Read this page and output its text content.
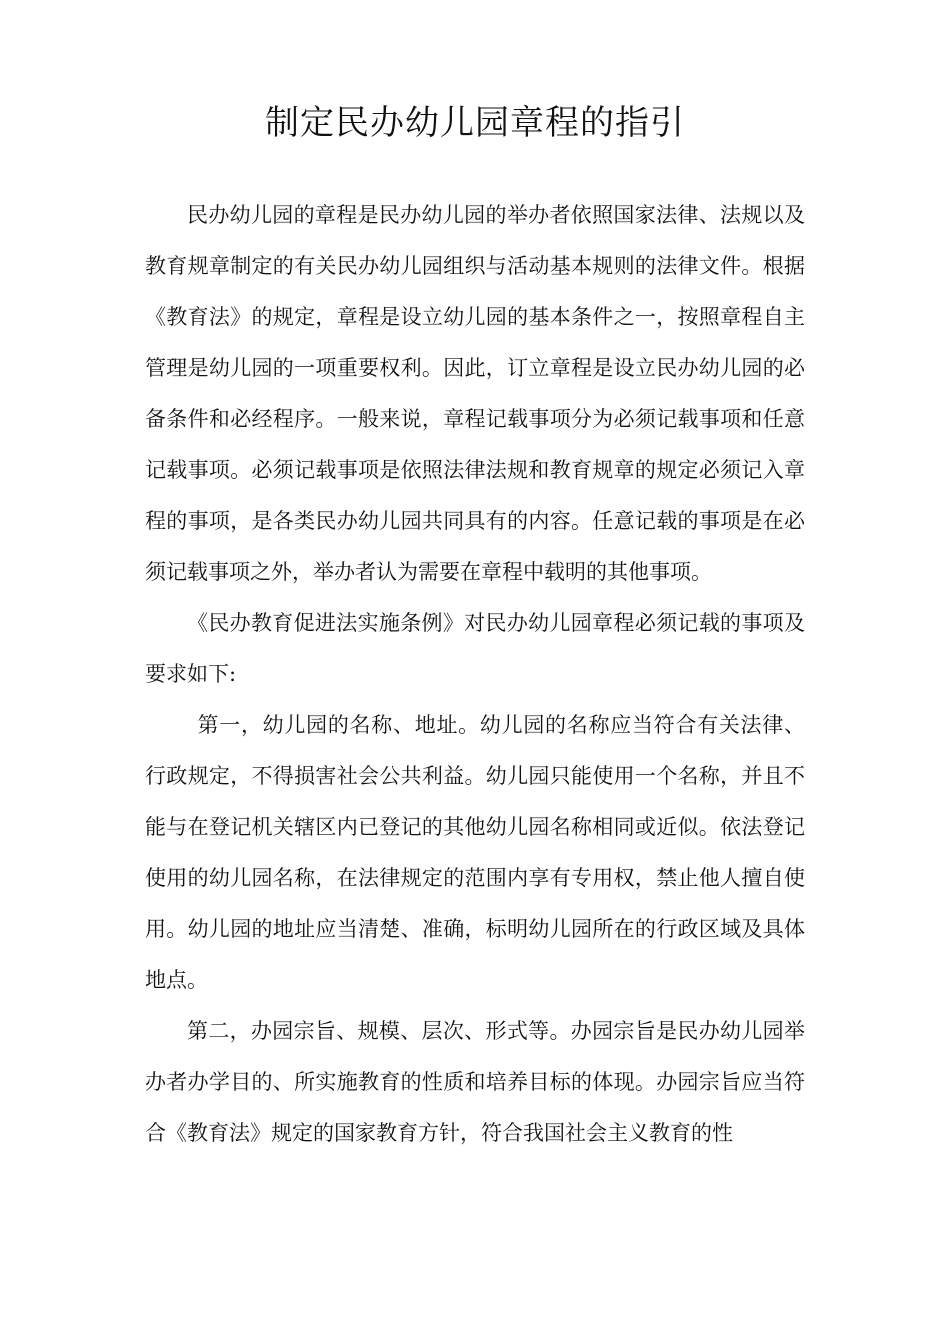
制定民办幼儿园章程的指引

民办幼儿园的章程是民办幼儿园的举办者依照国家法律、法规以及教育规章制定的有关民办幼儿园组织与活动基本规则的法律文件。根据《教育法》的规定，章程是设立幼儿园的基本条件之一，按照章程自主管理是幼儿园的一项重要权利。因此，订立章程是设立民办幼儿园的必备条件和必经程序。一般来说，章程记载事项分为必须记载事项和任意记载事项。必须记载事项是依照法律法规和教育规章的规定必须记入章程的事项，是各类民办幼儿园共同具有的内容。任意记载的事项是在必须记载事项之外，举办者认为需要在章程中载明的其他事项。

《民办教育促进法实施条例》对民办幼儿园章程必须记载的事项及要求如下:

第一，幼儿园的名称、地址。幼儿园的名称应当符合有关法律、行政规定，不得损害社会公共利益。幼儿园只能使用一个名称，并且不能与在登记机关辖区内已登记的其他幼儿园名称相同或近似。依法登记使用的幼儿园名称，在法律规定的范围内享有专用权，禁止他人擅自使用。幼儿园的地址应当清楚、准确，标明幼儿园所在的行政区域及具体地点。

第二，办园宗旨、规模、层次、形式等。办园宗旨是民办幼儿园举办者办学目的、所实施教育的性质和培养目标的体现。办园宗旨应当符合《教育法》规定的国家教育方针，符合我国社会主义教育的性
